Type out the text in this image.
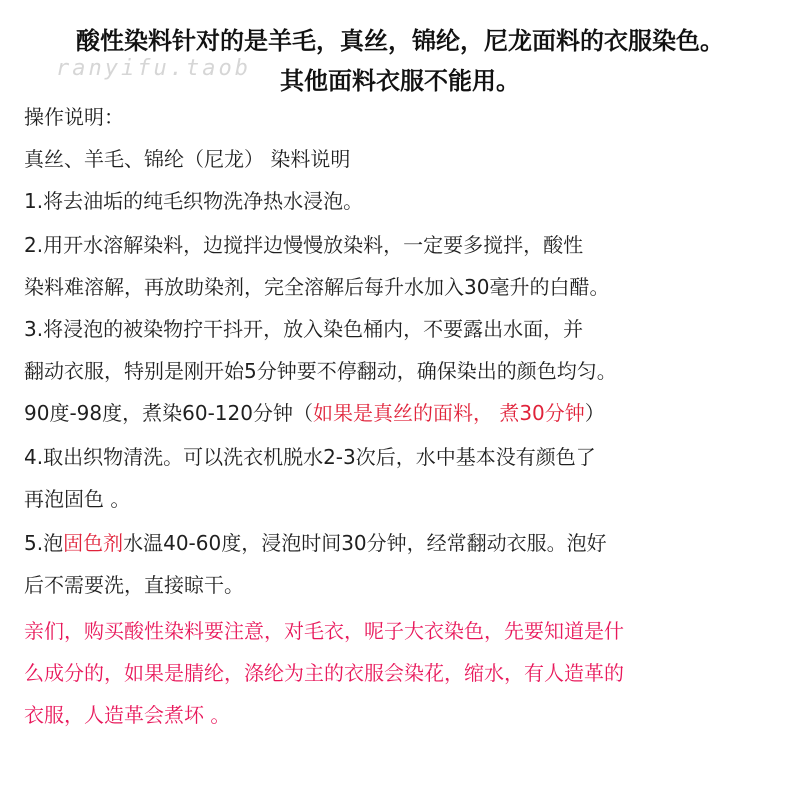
ranyifu.taob
酸性染料针对的是羊毛，真丝，锦纶，尼龙面料的衣服染色。
其他面料衣服不能用。
操作说明：
真丝、羊毛、锦纶（尼龙） 染料说明
1.将去油垢的纯毛织物洗净热水浸泡。
2.用开水溶解染料，边搅拌边慢慢放染料，一定要多搅拌，酸性
染料难溶解，再放助染剂，完全溶解后每升水加入30毫升的白醋。
3.将浸泡的被染物拧干抖开，放入染色桶内，不要露出水面，并
翻动衣服，特别是刚开始5分钟要不停翻动，确保染出的颜色均匀。
90度-98度，煮染60-120分钟（如果是真丝的面料， 煮30分钟）
4.取出织物清洗。可以洗衣机脱水2-3次后，水中基本没有颜色了
再泡固色 。
5.泡固色剂水温40-60度，浸泡时间30分钟，经常翻动衣服。泡好
后不需要洗，直接晾干。
亲们，购买酸性染料要注意，对毛衣，呢子大衣染色，先要知道是什
么成分的，如果是腈纶，涤纶为主的衣服会染花，缩水，有人造革的
衣服，人造革会煮坏 。
